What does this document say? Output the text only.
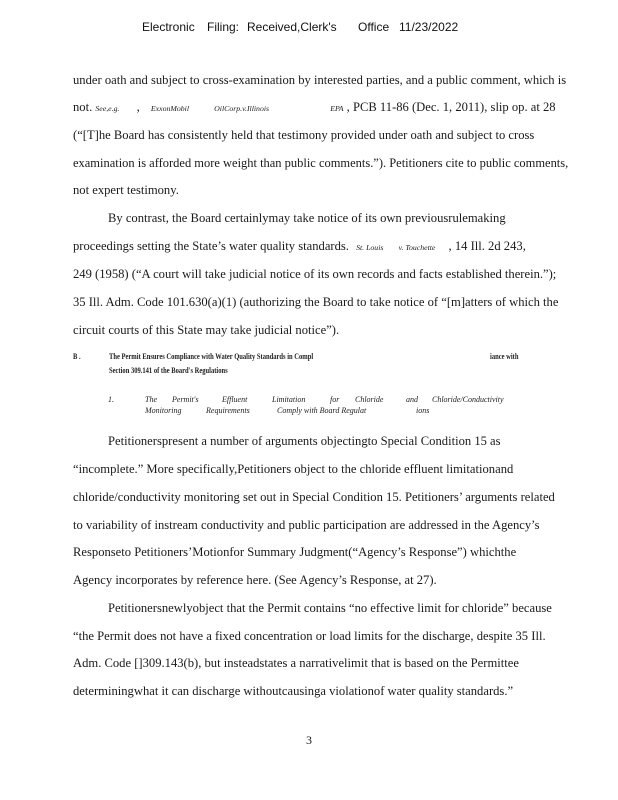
Electronic Filing: Received,Clerk's Office 11/23/2022
under oath and subject to cross-examination by interested parties, and a public comment, which is
not. See,e.g. , ExxonMobil	OilCorp.v.Illinois	EPA , PCB 11-86 (Dec. 1, 2011), slip op. at 28
(“[T]he Board has consistently held that testimony provided under oath and subject to cross
examination is afforded more weight than public comments.”). Petitioners cite to public comments,
not expert testimony.
By contrast, the Board certainlymay take notice of its own previousrulemaking
proceedings setting the State’s water quality standards. St. Louis v. Touchette , 14 Ill. 2d 243,
249 (1958) (“A court will take judicial notice of its own records and facts established therein.”);
35 Ill. Adm. Code 101.630(a)(1) (authorizing the Board to take notice of “[m]atters of which the
circuit courts of this State may take judicial notice”).
B .	The Permit Ensures Compliance with Water Quality Standards in Compl	iance with
Section 309.141 of the Board's Regulations
1.	The Permit's	Effluent	Limitation	for Chloride	and Chloride/Conductivity
Monitoring	Requirements	Comply with Board Regulat	ions
Petitionerspresent a number of arguments objectingto Special Condition 15 as
“incomplete.” More specifically,Petitioners object to the chloride effluent limitationand
chloride/conductivity monitoring set out in Special Condition 15. Petitioners’ arguments related
to variability of instream conductivity and public participation are addressed in the Agency’s
Responseto Petitioners’Motionfor Summary Judgment(“Agency’s Response”) whichthe
Agency incorporates by reference here. (See Agency’s Response, at 27).
Petitionersnewlyobject that the Permit contains “no effective limit for chloride” because
“the Permit does not have a fixed concentration or load limits for the discharge, despite 35 Ill.
Adm. Code []309.143(b), but insteadstates a narrativelimit that is based on the Permittee
determiningwhat it can discharge withoutcausinga violationof water quality standards.”
3
